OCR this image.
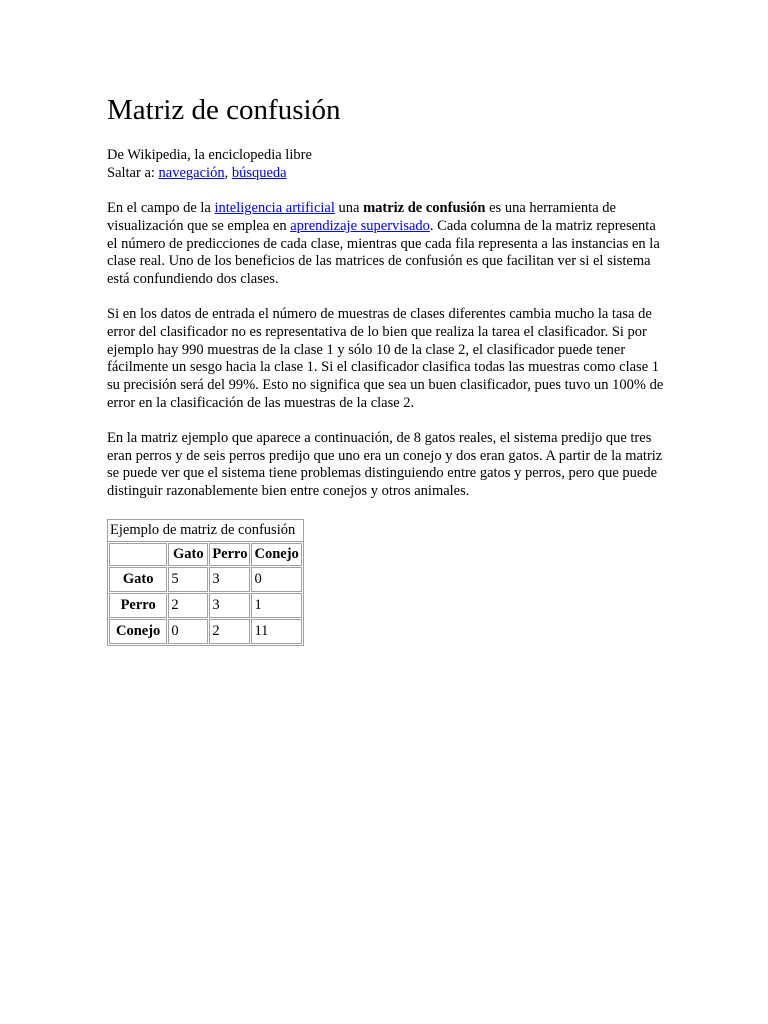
Matriz de confusión
De Wikipedia, la enciclopedia libre
Saltar a: navegación, búsqueda

En el campo de la inteligencia artificial una matriz de confusión es una herramienta de visualización que se emplea en aprendizaje supervisado. Cada columna de la matriz representa el número de predicciones de cada clase, mientras que cada fila representa a las instancias en la clase real. Uno de los beneficios de las matrices de confusión es que facilitan ver si el sistema está confundiendo dos clases.

Si en los datos de entrada el número de muestras de clases diferentes cambia mucho la tasa de error del clasificador no es representativa de lo bien que realiza la tarea el clasificador. Si por ejemplo hay 990 muestras de la clase 1 y sólo 10 de la clase 2, el clasificador puede tener fácilmente un sesgo hacia la clase 1. Si el clasificador clasifica todas las muestras como clase 1 su precisión será del 99%. Esto no significa que sea un buen clasificador, pues tuvo un 100% de error en la clasificación de las muestras de la clase 2.

En la matriz ejemplo que aparece a continuación, de 8 gatos reales, el sistema predijo que tres eran perros y de seis perros predijo que uno era un conejo y dos eran gatos. A partir de la matriz se puede ver que el sistema tiene problemas distinguiendo entre gatos y perros, pero que puede distinguir razonablemente bien entre conejos y otros animales.

Ejemplo de matriz de confusión
	Gato	Perro	Conejo
Gato	5	3	0
Perro	2	3	1
Conejo	0	2	11
